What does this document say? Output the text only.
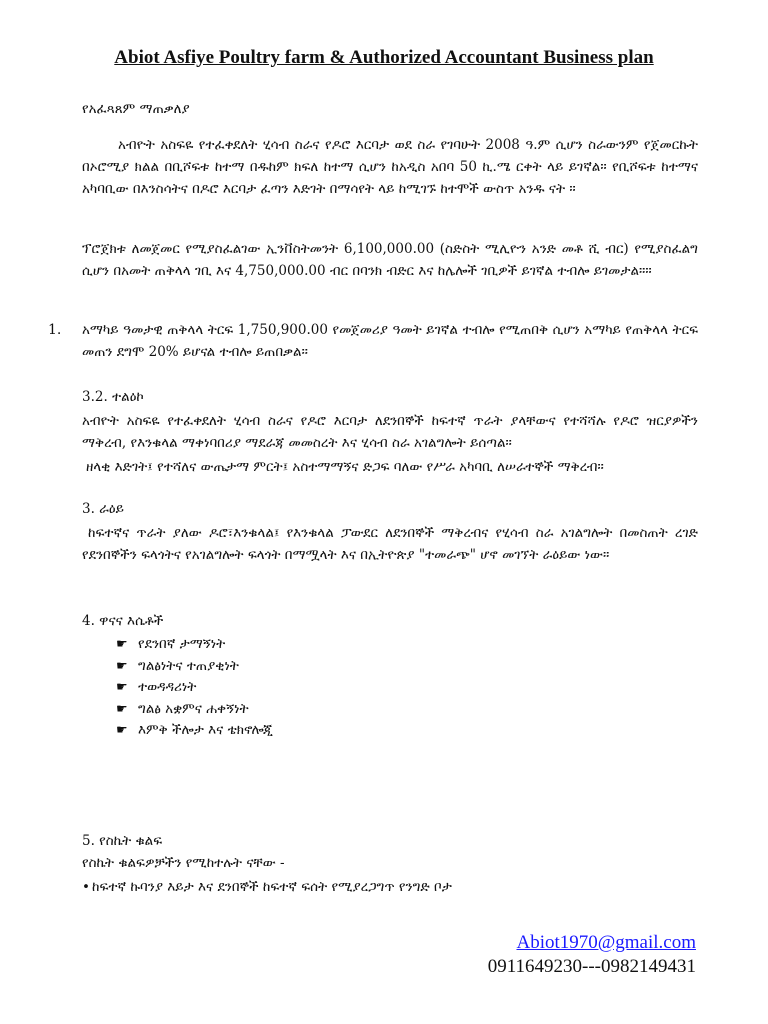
Abiot Asfiye Poultry farm & Authorized Accountant Business plan
የአፈጻጸም ማጠቃለያ
አብዮት አስፍዬ የተፈቀደለት ሂሳብ ስራና የዶሮ እርባታ ወደ ስራ የገባሁት 2008 ዓ.ም ሲሆን ስራውንም የጀመርኩት በኦሮሚያ ክልል በቢሾፍቱ ከተማ በዱከም ክፍለ ከተማ ሲሆን ከአዲስ አበባ 50 ኪ.ሜ ርቀት ላይ ይገኛል። የቢሾፍቱ ከተማና አካባቢው በእንስሳትና በዶሮ እርባታ ፈጣን እድገት በማሳየት ላይ ከሚገኙ ከተሞች ውስጥ አንዱ ናት ።
ፕሮጀክቱ ለመጀመር የሚያስፈልገው ኢንቨስትመንት 6,100,000.00 (ስድስት ሚሊዮን አንድ መቶ ሺ ብር) የሚያስፈልግ ሲሆን በአመት ጠቅላላ ገቢ እና 4,750,000.00 ብር በባንክ ብድር እና ከሌሎች ገቢዎች ይገኛል ተብሎ ይገመታል።።
1. አማካይ ዓመታዊ ጠቅላላ ትርፍ 1,750,900.00 የመጀመሪያ ዓመት ይገኛል ተብሎ የሚጠበቅ ሲሆን አማካይ የጠቅላላ ትርፍ መጠን ደግሞ 20% ይሆናል ተብሎ ይጠበቃል።
3.2. ተልዕኮ
አብዮት አስፍዬ የተፈቀደለት ሂሳብ ስራና የዶሮ እርባታ ለደንበኞች ከፍተኛ ጥራት ያላቸውና የተሻሻሉ የዶሮ ዝርያዎችን ማቅረብ, የእንቁላል ማቀነባበሪያ ማደራጃ መመስረት እና ሂሳብ ስራ አገልግሎት ይሰጣል።
ዘላቂ እድገት፤ የተሻለና ውጤታማ ምርት፤ አስተማማኝና ድጋፍ ባለው የሥራ አካባቢ ለሠራተኞች ማቅረብ።
3. ራዕይ
ከፍተኛና ጥራት ያለው ዶሮ፣እንቁላል፤ የእንቁላል ፓውደር ለደንበኞች ማቅረብና የሂሳብ ስራ አገልግሎት በመስጠት ረገድ የደንበኞችን ፍላጎትና የአገልግሎት ፍላጎት በማሟላት እና በኢትዮጵያ "ተመራጭ" ሆኖ መገኘት ራዕይው ነው።
4. ዋናና እሴቶች
☛ የደንበኛ ታማኝነት
☛ ግልፅነትና ተጠያቂነት
☛ ተወዳዳሪነት
☛ ግልፅ አቋምና ሐቀኝነት
☛ እምቅ ችሎታ እና ቴክኖሎጂ
5. የስኬት ቁልፍ
የስኬት ቁልፍዎቻችን የሚከተሉት ናቸው -
• ከፍተኛ ኩባንያ እይታ እና ደንበኞች ከፍተኛ ፍሰት የሚያረጋግጥ የንግድ ቦታ
Abiot1970@gmail.com
0911649230---0982149431
